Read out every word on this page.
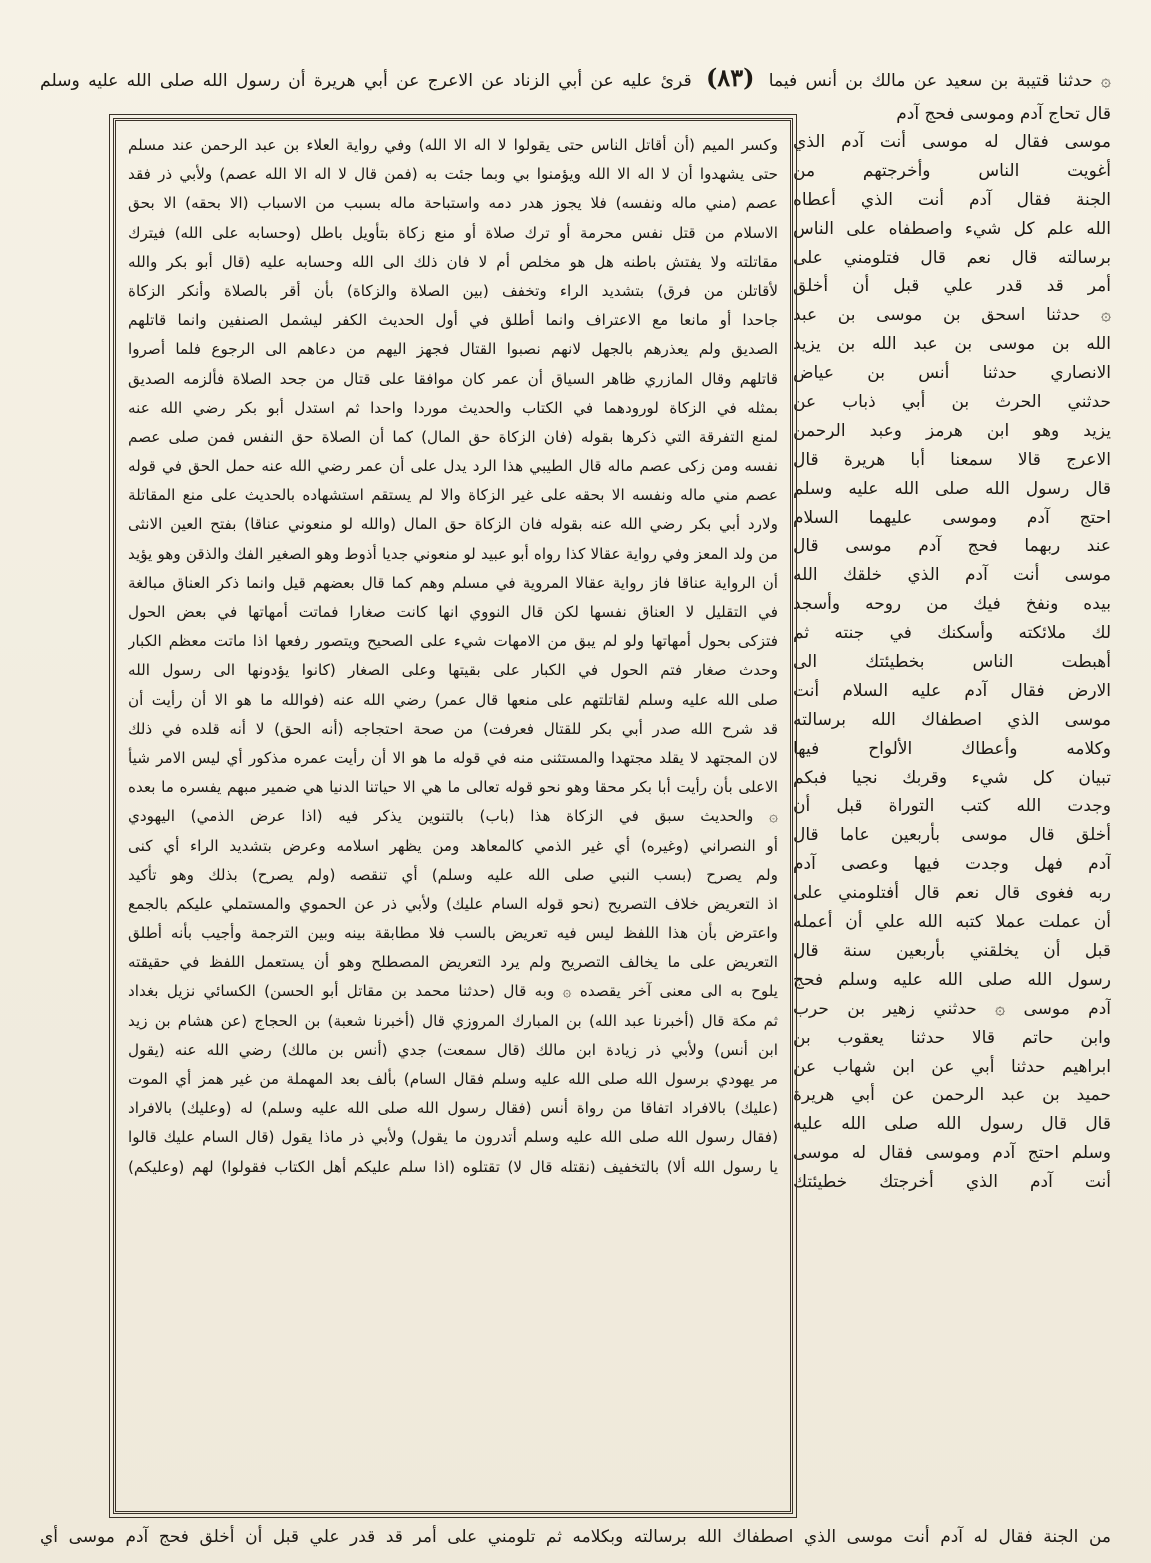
۞ حدثنا قتيبة بن سعيد عن مالك بن أنس فيما (٨٣) قرئ عليه عن أبي الزناد عن الاعرج عن أبي هريرة أن رسول الله صلى الله عليه وسلم
قال تحاج آدم وموسى فحج آدم
موسى فقال له موسى أنت آدم الذي
أغويت الناس وأخرجتهم من
الجنة فقال آدم أنت الذي أعطاه
الله علم كل شيء واصطفاه على الناس
برسالته قال نعم قال فتلومني على
أمر قد قدر علي قبل أن أخلق
۞ حدثنا اسحق بن موسى بن عبد
الله بن موسى بن عبد الله بن يزيد
الانصاري حدثنا أنس بن عياض
حدثني الحرث بن أبي ذباب عن
يزيد وهو ابن هرمز وعبد الرحمن
الاعرج قالا سمعنا أبا هريرة قال
قال رسول الله صلى الله عليه وسلم
احتج آدم وموسى عليهما السلام
عند ربهما فحج آدم موسى قال
موسى أنت آدم الذي خلقك الله
بيده ونفخ فيك من روحه وأسجد
لك ملائكته وأسكنك في جنته ثم
أهبطت الناس بخطيئتك الى
الارض فقال آدم عليه السلام أنت
موسى الذي اصطفاك الله برسالته
وكلامه وأعطاك الألواح فيها
تبيان كل شيء وقربك نجيا فبكم
وجدت الله كتب التوراة قبل أن
أخلق قال موسى بأربعين عاما قال
آدم فهل وجدت فيها وعصى آدم
ربه فغوى قال نعم قال أفتلومني على
أن عملت عملا كتبه الله علي أن أعمله
قبل أن يخلقني بأربعين سنة قال
رسول الله صلى الله عليه وسلم فحج
آدم موسى ۞ حدثني زهير بن حرب
وابن حاتم قالا حدثنا يعقوب بن
ابراهيم حدثنا أبي عن ابن شهاب عن
حميد بن عبد الرحمن عن أبي هريرة
قال قال رسول الله صلى الله عليه
وسلم احتج آدم وموسى فقال له موسى
أنت آدم الذي أخرجتك خطيئتك
وكسر الميم (أن أقاتل الناس حتى يقولوا لا اله الا الله) وفي رواية العلاء بن عبد الرحمن عند مسلم
حتى يشهدوا أن لا اله الا الله ويؤمنوا بي وبما جئت به (فمن قال لا اله الا الله عصم) ولأبي ذر فقد
عصم (مني ماله ونفسه) فلا يجوز هدر دمه واستباحة ماله بسبب من الاسباب (الا بحقه) الا بحق
الاسلام من قتل نفس محرمة أو ترك صلاة أو منع زكاة بتأويل باطل (وحسابه على الله) فيترك
مقاتلته ولا يفتش باطنه هل هو مخلص أم لا فان ذلك الى الله وحسابه عليه (قال أبو بكر والله
لأقاتلن من فرق) بتشديد الراء وتخفف (بين الصلاة والزكاة) بأن أقر بالصلاة وأنكر الزكاة
جاحدا أو مانعا مع الاعتراف وانما أطلق في أول الحديث الكفر ليشمل الصنفين وانما قاتلهم
الصديق ولم يعذرهم بالجهل لانهم نصبوا القتال فجهز اليهم من دعاهم الى الرجوع فلما أصروا
قاتلهم وقال المازري ظاهر السياق أن عمر كان موافقا على قتال من جحد الصلاة فألزمه الصديق
بمثله في الزكاة لورودهما في الكتاب والحديث موردا واحدا ثم استدل أبو بكر رضي الله عنه
لمنع التفرقة التي ذكرها بقوله (فان الزكاة حق المال) كما أن الصلاة حق النفس فمن صلى عصم
نفسه ومن زكى عصم ماله قال الطيبي هذا الرد يدل على أن عمر رضي الله عنه حمل الحق في قوله
عصم مني ماله ونفسه الا بحقه على غير الزكاة والا لم يستقم استشهاده بالحديث على منع المقاتلة
ولارد أبي بكر رضي الله عنه بقوله فان الزكاة حق المال (والله لو منعوني عناقا) بفتح العين الانثى
من ولد المعز وفي رواية عقالا كذا رواه أبو عبيد لو منعوني جديا أذوط وهو الصغير الفك والذقن وهو يؤيد
أن الرواية عناقا فاز رواية عقالا المروية في مسلم وهم كما قال بعضهم قيل وانما ذكر العناق مبالغة
في التقليل لا العناق نفسها لكن قال النووي انها كانت صغارا فماتت أمهاتها في بعض الحول
فتزكى بحول أمهاتها ولو لم يبق من الامهات شيء على الصحيح ويتصور رفعها اذا ماتت معظم الكبار
وحدث صغار فتم الحول في الكبار على بقيتها وعلى الصغار (كانوا يؤدونها الى رسول الله
صلى الله عليه وسلم لقاتلتهم على منعها قال عمر) رضي الله عنه (فوالله ما هو الا أن رأيت أن
قد شرح الله صدر أبي بكر للقتال فعرفت) من صحة احتجاجه (أنه الحق) لا أنه قلده في ذلك
لان المجتهد لا يقلد مجتهدا والمستثنى منه في قوله ما هو الا أن رأيت عمره مذكور أي ليس الامر شيأ
الاعلى بأن رأيت أبا بكر محقا وهو نحو قوله تعالى ما هي الا حياتنا الدنيا هي ضمير مبهم يفسره ما بعده
۞ والحديث سبق في الزكاة هذا (باب) بالتنوين يذكر فيه (اذا عرض الذمي) اليهودي
أو النصراني (وغيره) أي غير الذمي كالمعاهد ومن يظهر اسلامه وعرض بتشديد الراء أي كنى
ولم يصرح (بسب النبي صلى الله عليه وسلم) أي تنقصه (ولم يصرح) بذلك وهو تأكيد
اذ التعريض خلاف التصريح (نحو قوله السام عليك) ولأبي ذر عن الحموي والمستملي عليكم بالجمع
واعترض بأن هذا اللفظ ليس فيه تعريض بالسب فلا مطابقة بينه وبين الترجمة وأجيب بأنه أطلق
التعريض على ما يخالف التصريح ولم يرد التعريض المصطلح وهو أن يستعمل اللفظ في حقيقته
يلوح به الى معنى آخر يقصده ۞ وبه قال (حدثنا محمد بن مقاتل أبو الحسن) الكسائي نزيل بغداد
ثم مكة قال (أخبرنا عبد الله) بن المبارك المروزي قال (أخبرنا شعبة) بن الحجاج (عن هشام بن زيد
ابن أنس) ولأبي ذر زيادة ابن مالك (قال سمعت) جدي (أنس بن مالك) رضي الله عنه (يقول
مر يهودي برسول الله صلى الله عليه وسلم فقال السام) بألف بعد المهملة من غير همز أي الموت
(عليك) بالافراد اتفاقا من رواة أنس (فقال رسول الله صلى الله عليه وسلم) له (وعليك) بالافراد
(فقال رسول الله صلى الله عليه وسلم أتدرون ما يقول) ولأبي ذر ماذا يقول (قال السام عليك قالوا
يا رسول الله ألا) بالتخفيف (نقتله قال لا) تقتلوه (اذا سلم عليكم أهل الكتاب فقولوا) لهم (وعليكم)
من الجنة فقال له آدم أنت موسى الذي اصطفاك الله برسالته وبكلامه ثم تلومني على أمر قد قدر علي قبل أن أخلق فحج آدم موسى أي
